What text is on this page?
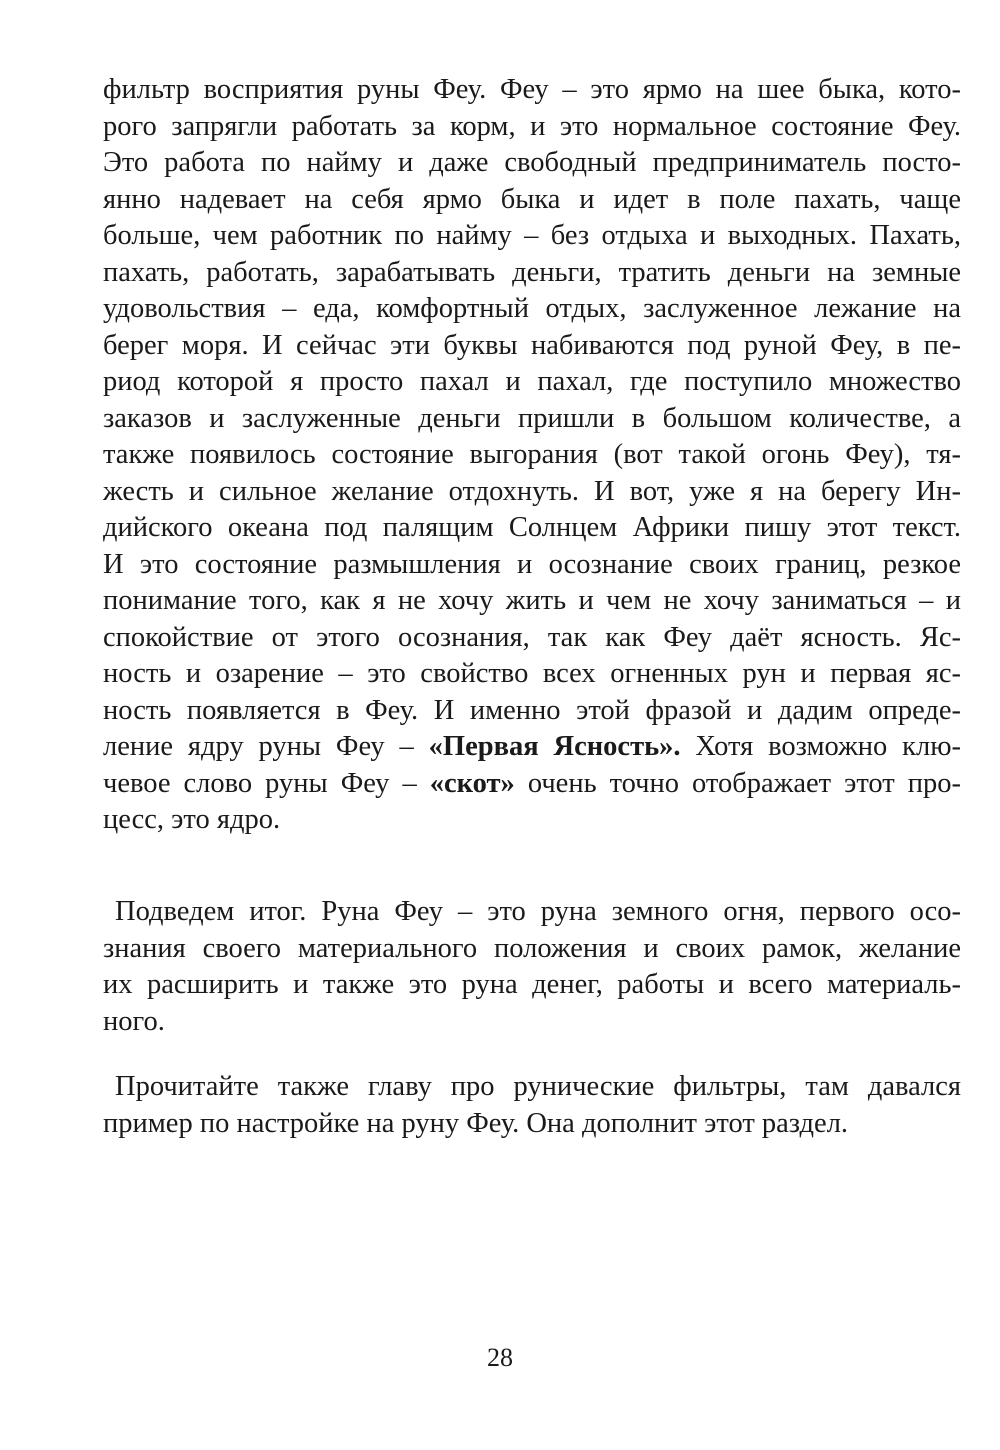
фильтр восприятия руны Феу. Феу – это ярмо на шее быка, кото-
рого запрягли работать за корм, и это нормальное состояние Феу.
Это работа по найму и даже свободный предприниматель посто-
янно надевает на себя ярмо быка и идет в поле пахать, чаще
больше, чем работник по найму – без отдыха и выходных. Пахать,
пахать, работать, зарабатывать деньги, тратить деньги на земные
удовольствия – еда, комфортный отдых, заслуженное лежание на
берег моря. И сейчас эти буквы набиваются под руной Феу, в пе-
риод которой я просто пахал и пахал, где поступило множество
заказов и заслуженные деньги пришли в большом количестве, а
также появилось состояние выгорания (вот такой огонь Феу), тя-
жесть и сильное желание отдохнуть. И вот, уже я на берегу Ин-
дийского океана под палящим Солнцем Африки пишу этот текст.
И это состояние размышления и осознание своих границ, резкое
понимание того, как я не хочу жить и чем не хочу заниматься – и
спокойствие от этого осознания, так как Феу даёт ясность. Яс-
ность и озарение – это свойство всех огненных рун и первая яс-
ность появляется в Феу. И именно этой фразой и дадим опреде-
ление ядру руны Феу – «Первая Ясность». Хотя возможно клю-
чевое слово руны Феу – «скот» очень точно отображает этот про-
цесс, это ядро.
Подведем итог. Руна Феу – это руна земного огня, первого осо-
знания своего материального положения и своих рамок, желание
их расширить и также это руна денег, работы и всего материаль-
ного.
Прочитайте также главу про рунические фильтры, там давался
пример по настройке на руну Феу. Она дополнит этот раздел.
28
